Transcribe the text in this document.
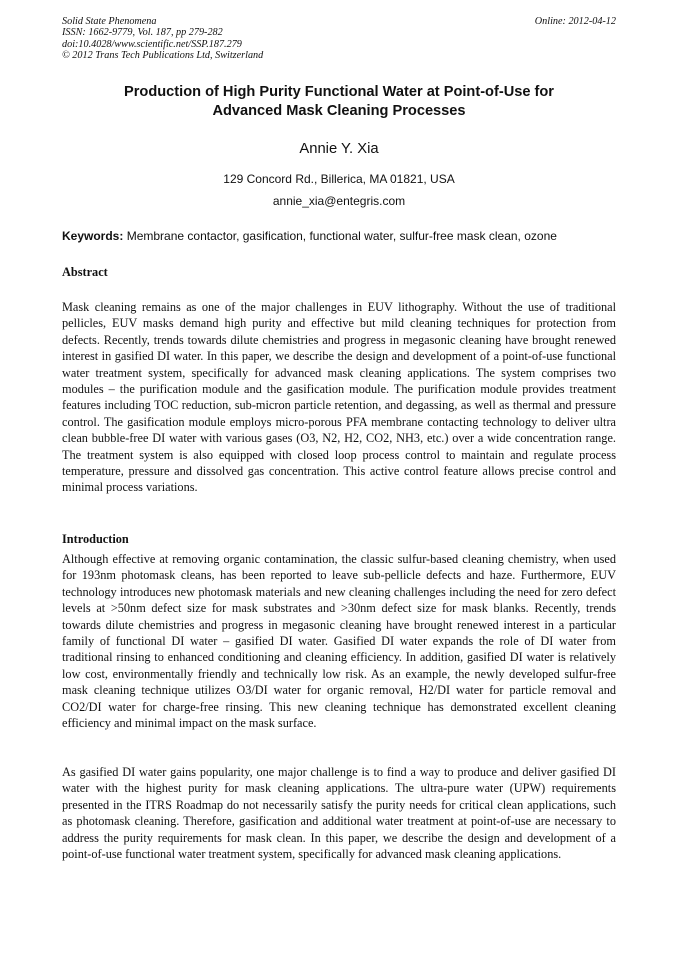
Solid State Phenomena
ISSN: 1662-9779, Vol. 187, pp 279-282
doi:10.4028/www.scientific.net/SSP.187.279
© 2012 Trans Tech Publications Ltd, Switzerland
Online: 2012-04-12
Production of High Purity Functional Water at Point-of-Use for
Advanced Mask Cleaning Processes
Annie Y. Xia
129 Concord Rd., Billerica, MA 01821, USA
annie_xia@entegris.com
Keywords: Membrane contactor, gasification, functional water, sulfur-free mask clean, ozone
Abstract

Mask cleaning remains as one of the major challenges in EUV lithography. Without the use of traditional pellicles, EUV masks demand high purity and effective but mild cleaning techniques for protection from defects. Recently, trends towards dilute chemistries and progress in megasonic cleaning have brought renewed interest in gasified DI water. In this paper, we describe the design and development of a point-of-use functional water treatment system, specifically for advanced mask cleaning applications. The system comprises two modules – the purification module and the gasification module. The purification module provides treatment features including TOC reduction, sub-micron particle retention, and degassing, as well as thermal and pressure control. The gasification module employs micro-porous PFA membrane contacting technology to deliver ultra clean bubble-free DI water with various gases (O3, N2, H2, CO2, NH3, etc.) over a wide concentration range. The treatment system is also equipped with closed loop process control to maintain and regulate process temperature, pressure and dissolved gas concentration. This active control feature allows precise control and minimal process variations.

Introduction

Although effective at removing organic contamination, the classic sulfur-based cleaning chemistry, when used for 193nm photomask cleans, has been reported to leave sub-pellicle defects and haze. Furthermore, EUV technology introduces new photomask materials and new cleaning challenges including the need for zero defect levels at >50nm defect size for mask substrates and >30nm defect size for mask blanks. Recently, trends towards dilute chemistries and progress in megasonic cleaning have brought renewed interest in a particular family of functional DI water – gasified DI water. Gasified DI water expands the role of DI water from traditional rinsing to enhanced conditioning and cleaning efficiency. In addition, gasified DI water is relatively low cost, environmentally friendly and technically low risk. As an example, the newly developed sulfur-free mask cleaning technique utilizes O3/DI water for organic removal, H2/DI water for particle removal and CO2/DI water for charge-free rinsing. This new cleaning technique has demonstrated excellent cleaning efficiency and minimal impact on the mask surface.

As gasified DI water gains popularity, one major challenge is to find a way to produce and deliver gasified DI water with the highest purity for mask cleaning applications. The ultra-pure water (UPW) requirements presented in the ITRS Roadmap do not necessarily satisfy the purity needs for critical clean applications, such as photomask cleaning. Therefore, gasification and additional water treatment at point-of-use are necessary to address the purity requirements for mask clean. In this paper, we describe the design and development of a point-of-use functional water treatment system, specifically for advanced mask cleaning applications.
